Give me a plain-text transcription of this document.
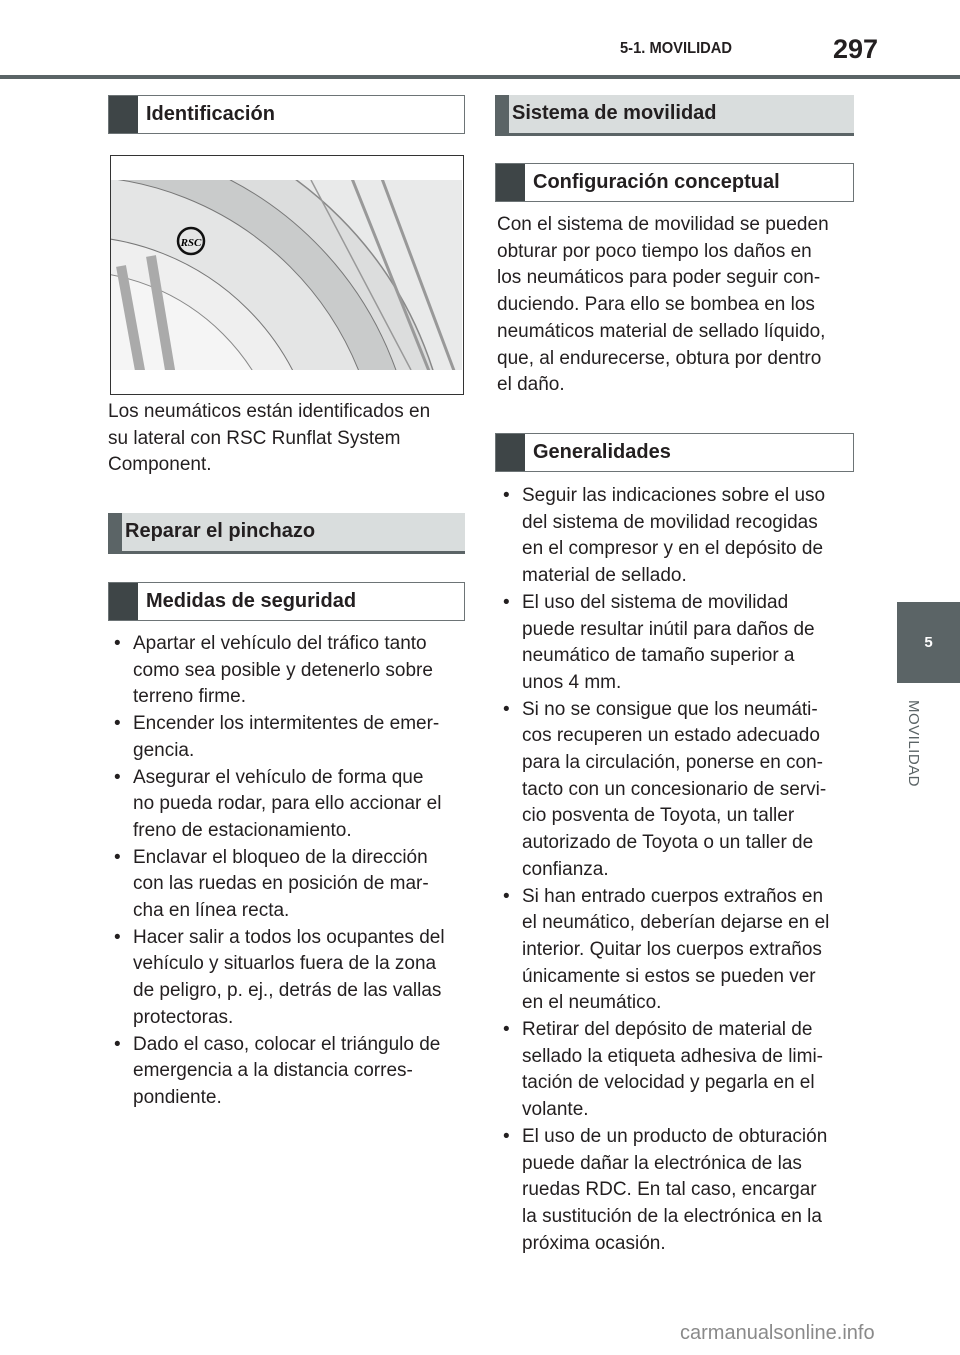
5-1. MOVILIDAD	297
Identificación
RSC
Los neumáticos están identificados en
su lateral con RSC Runflat System
Component.
Reparar el pinchazo
Medidas de seguridad
• Apartar el vehículo del tráfico tanto
como sea posible y detenerlo sobre
terreno firme.
• Encender los intermitentes de emer-
gencia.
• Asegurar el vehículo de forma que
no pueda rodar, para ello accionar el
freno de estacionamiento.
• Enclavar el bloqueo de la dirección
con las ruedas en posición de mar-
cha en línea recta.
• Hacer salir a todos los ocupantes del
vehículo y situarlos fuera de la zona
de peligro, p. ej., detrás de las vallas
protectoras.
• Dado el caso, colocar el triángulo de
emergencia a la distancia corres-
pondiente.
Sistema de movilidad
Configuración conceptual
Con el sistema de movilidad se pueden
obturar por poco tiempo los daños en
los neumáticos para poder seguir con-
duciendo. Para ello se bombea en los
neumáticos material de sellado líquido,
que, al endurecerse, obtura por dentro
el daño.
Generalidades
• Seguir las indicaciones sobre el uso
del sistema de movilidad recogidas
en el compresor y en el depósito de
material de sellado.
• El uso del sistema de movilidad
puede resultar inútil para daños de
neumático de tamaño superior a
unos 4 mm.
• Si no se consigue que los neumáti-
cos recuperen un estado adecuado
para la circulación, ponerse en con-
tacto con un concesionario de servi-
cio posventa de Toyota, un taller
autorizado de Toyota o un taller de
confianza.
• Si han entrado cuerpos extraños en
el neumático, deberían dejarse en el
interior. Quitar los cuerpos extraños
únicamente si estos se pueden ver
en el neumático.
• Retirar del depósito de material de
sellado la etiqueta adhesiva de limi-
tación de velocidad y pegarla en el
volante.
• El uso de un producto de obturación
puede dañar la electrónica de las
ruedas RDC. En tal caso, encargar
la sustitución de la electrónica en la
próxima ocasión.
5
MOVILIDAD
carmanualsonline.info
